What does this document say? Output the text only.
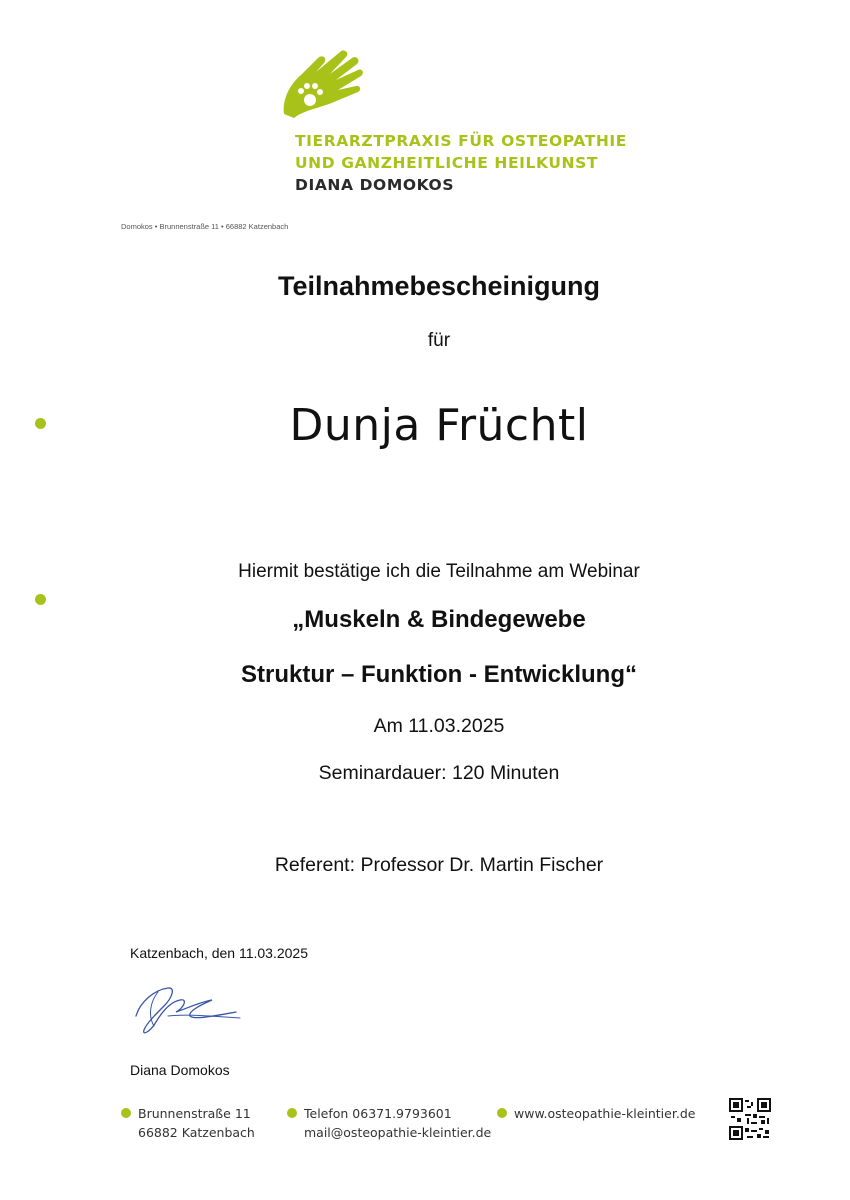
TIERARZTPRAXIS FÜR OSTEOPATHIE
UND GANZHEITLICHE HEILKUNST
DIANA DOMOKOS
Domokos • Brunnenstraße 11 • 66882 Katzenbach
Teilnahmebescheinigung
für
Dunja Früchtl
Hiermit bestätige ich die Teilnahme am Webinar
„Muskeln & Bindegewebe
Struktur – Funktion - Entwicklung“
Am 11.03.2025
Seminardauer: 120 Minuten
Referent: Professor Dr. Martin Fischer
Katzenbach, den 11.03.2025
Diana Domokos
Brunnenstraße 11
66882 Katzenbach
Telefon 06371.9793601
mail@osteopathie-kleintier.de
www.osteopathie-kleintier.de
